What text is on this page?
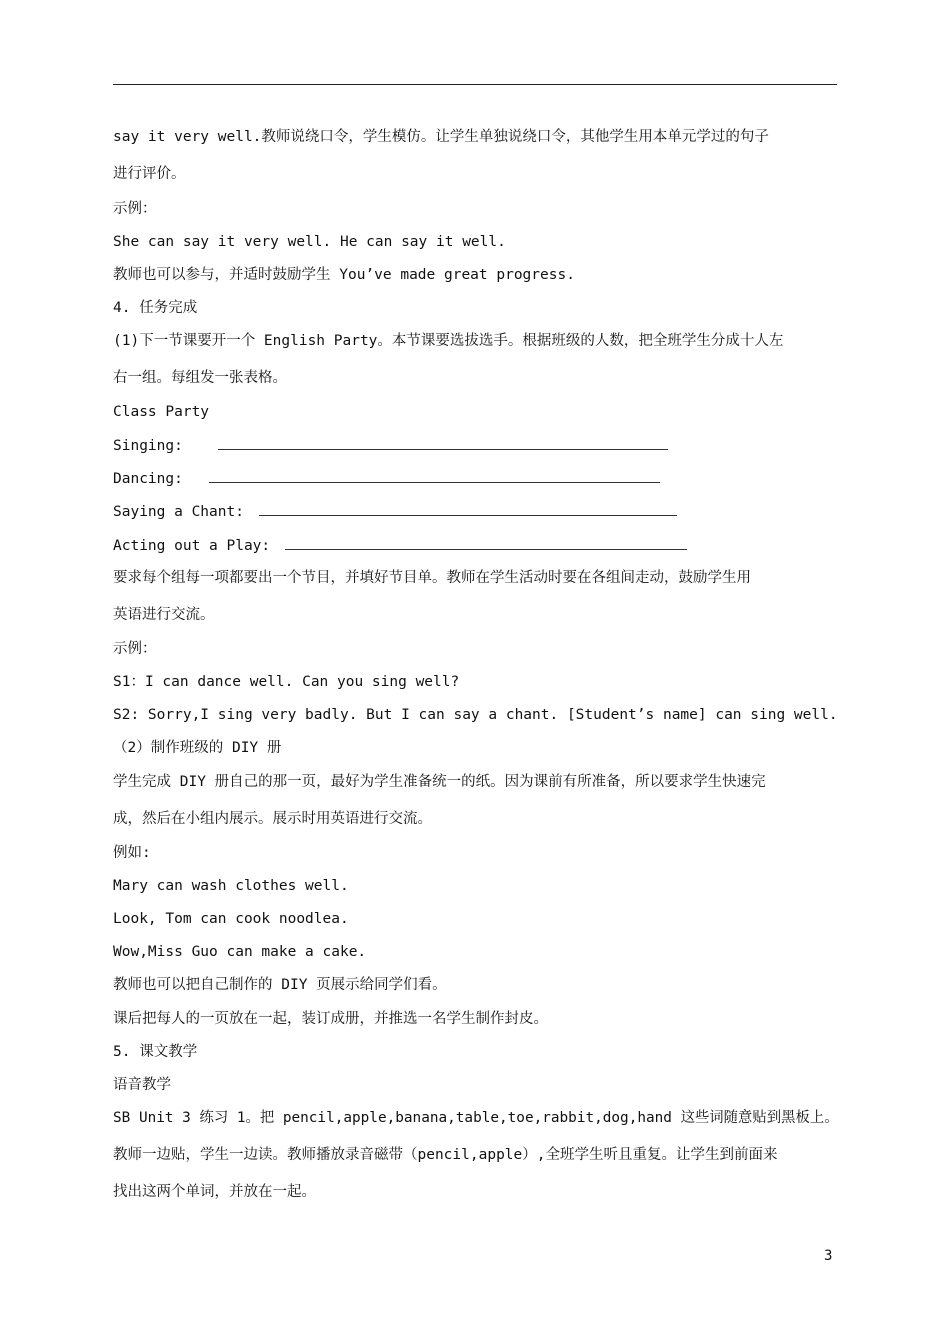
say it very well.教师说绕口令，学生模仿。让学生单独说绕口令，其他学生用本单元学过的句子
进行评价。
示例：
She can say it very well. He can say it well.
教师也可以参与，并适时鼓励学生 You’ve made great progress.
4. 任务完成
(1)下一节课要开一个 English Party。本节课要选拔选手。根据班级的人数，把全班学生分成十人左
右一组。每组发一张表格。
Class Party
Singing:
Dancing:
Saying a Chant:
Acting out a Play:
要求每个组每一项都要出一个节目，并填好节目单。教师在学生活动时要在各组间走动，鼓励学生用
英语进行交流。
示例：
S1：I can dance well. Can you sing well?
S2: Sorry,I sing very badly. But I can say a chant. [Student’s name] can sing well.
（2）制作班级的 DIY 册
学生完成 DIY 册自己的那一页，最好为学生准备统一的纸。因为课前有所准备，所以要求学生快速完
成，然后在小组内展示。展示时用英语进行交流。
例如:
Mary can wash clothes well.
Look, Tom can cook noodlea.
Wow,Miss Guo can make a cake.
教师也可以把自己制作的 DIY 页展示给同学们看。
课后把每人的一页放在一起，装订成册，并推选一名学生制作封皮。
5. 课文教学
语音教学
SB Unit 3 练习 1。把 pencil,apple,banana,table,toe,rabbit,dog,hand 这些词随意贴到黑板上。
教师一边贴，学生一边读。教师播放录音磁带（pencil,apple）,全班学生听且重复。让学生到前面来
找出这两个单词，并放在一起。
3
